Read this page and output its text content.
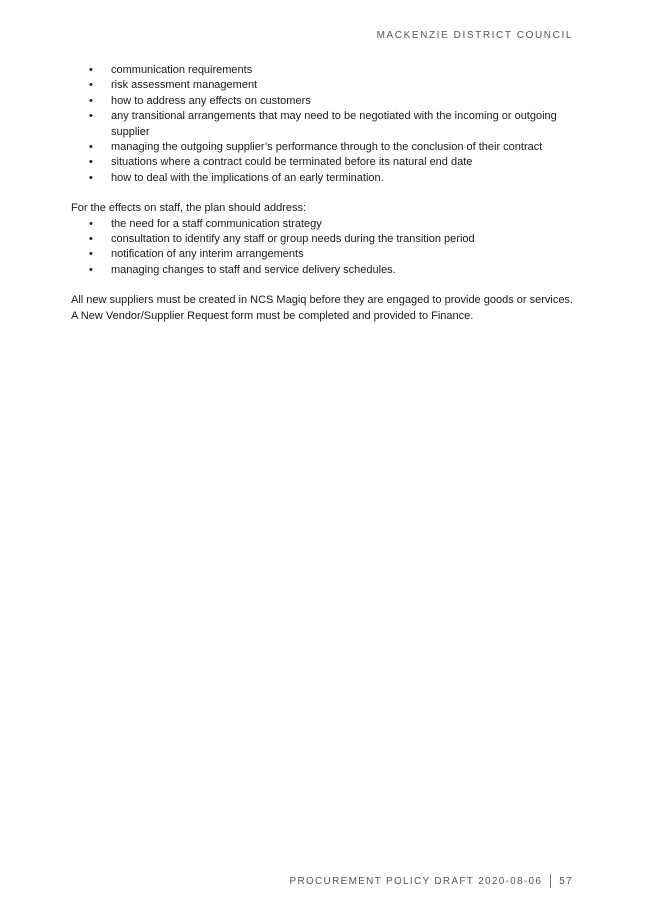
MACKENZIE DISTRICT COUNCIL
• communication requirements
• risk assessment management
• how to address any effects on customers
• any transitional arrangements that may need to be negotiated with the incoming or outgoing supplier
• managing the outgoing supplier’s performance through to the conclusion of their contract
• situations where a contract could be terminated before its natural end date
• how to deal with the implications of an early termination.

For the effects on staff, the plan should address:

• the need for a staff communication strategy
• consultation to identify any staff or group needs during the transition period
• notification of any interim arrangements
• managing changes to staff and service delivery schedules.

All new suppliers must be created in NCS Magiq before they are engaged to provide goods or services. A New Vendor/Supplier Request form must be completed and provided to Finance.

PROCUREMENT POLICY DRAFT 2020-08-06 57
